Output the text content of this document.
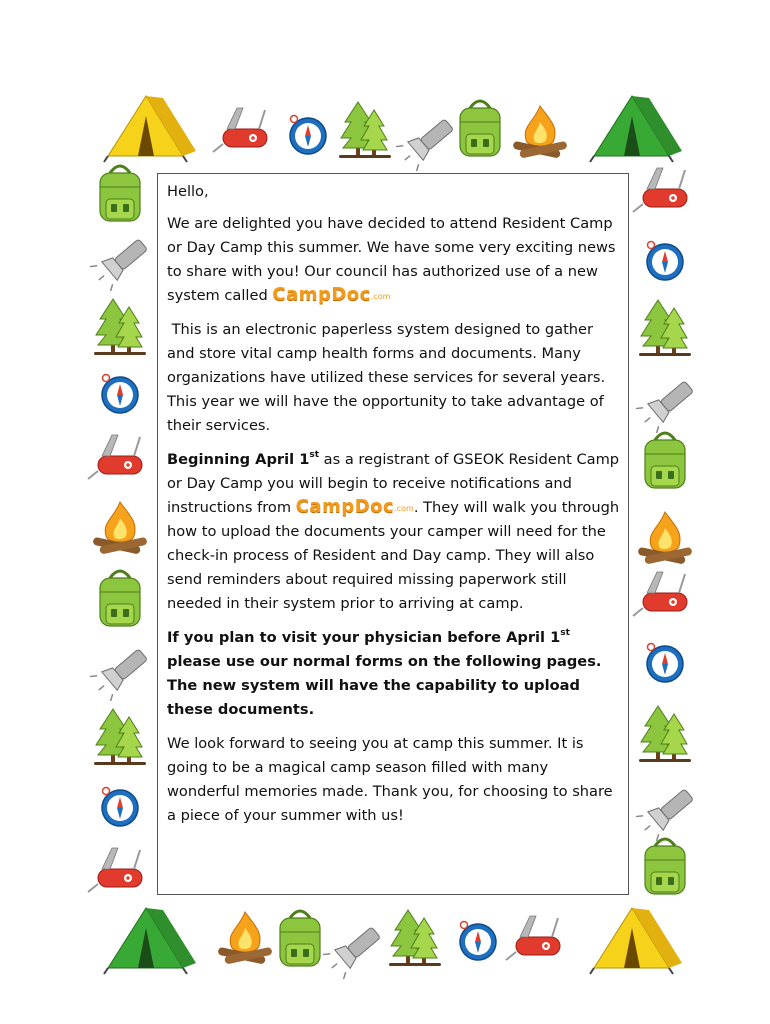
Hello,

We are delighted you have decided to attend Resident Camp or Day Camp this summer. We have some very exciting news to share with you! Our council has authorized use of a new system called CampDoc.com

This is an electronic paperless system designed to gather and store vital camp health forms and documents. Many organizations have utilized these services for several years. This year we will have the opportunity to take advantage of their services.

Beginning April 1st as a registrant of GSEOK Resident Camp or Day Camp you will begin to receive notifications and instructions from CampDoc.com. They will walk you through how to upload the documents your camper will need for the check-in process of Resident and Day camp. They will also send reminders about required missing paperwork still needed in their system prior to arriving at camp.

If you plan to visit your physician before April 1st please use our normal forms on the following pages. The new system will have the capability to upload these documents.

We look forward to seeing you at camp this summer. It is going to be a magical camp season filled with many wonderful memories made. Thank you, for choosing to share a piece of your summer with us!
